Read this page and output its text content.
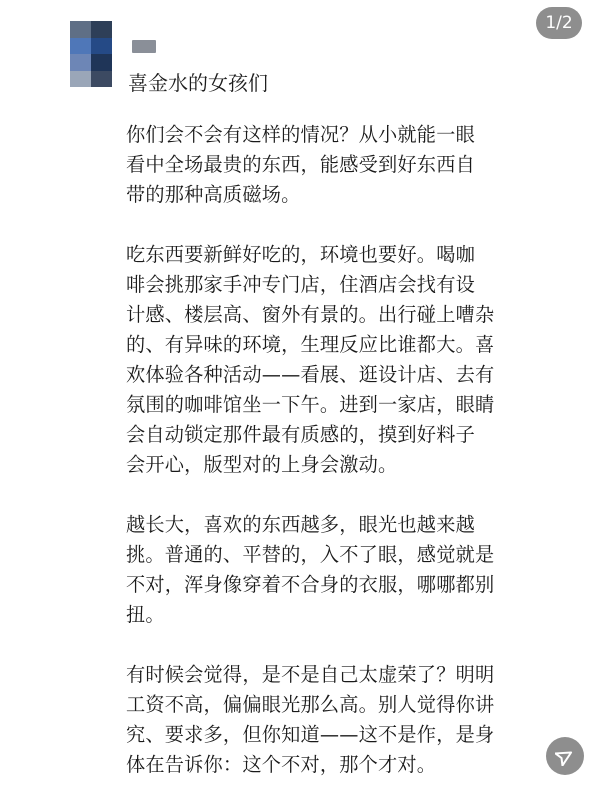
喜金水的女孩们
1/2

你们会不会有这样的情况？从小就能一眼
看中全场最贵的东西，能感受到好东西自
带的那种高质磁场。

吃东西要新鲜好吃的，环境也要好。喝咖
啡会挑那家手冲专门店，住酒店会找有设
计感、楼层高、窗外有景的。出行碰上嘈杂
的、有异味的环境，生理反应比谁都大。喜
欢体验各种活动——看展、逛设计店、去有
氛围的咖啡馆坐一下午。进到一家店，眼睛
会自动锁定那件最有质感的，摸到好料子
会开心，版型对的上身会激动。

越长大，喜欢的东西越多，眼光也越来越
挑。普通的、平替的，入不了眼，感觉就是
不对，浑身像穿着不合身的衣服，哪哪都别
扭。

有时候会觉得，是不是自己太虚荣了？明明
工资不高，偏偏眼光那么高。别人觉得你讲
究、要求多，但你知道——这不是作，是身
体在告诉你：这个不对，那个才对。
